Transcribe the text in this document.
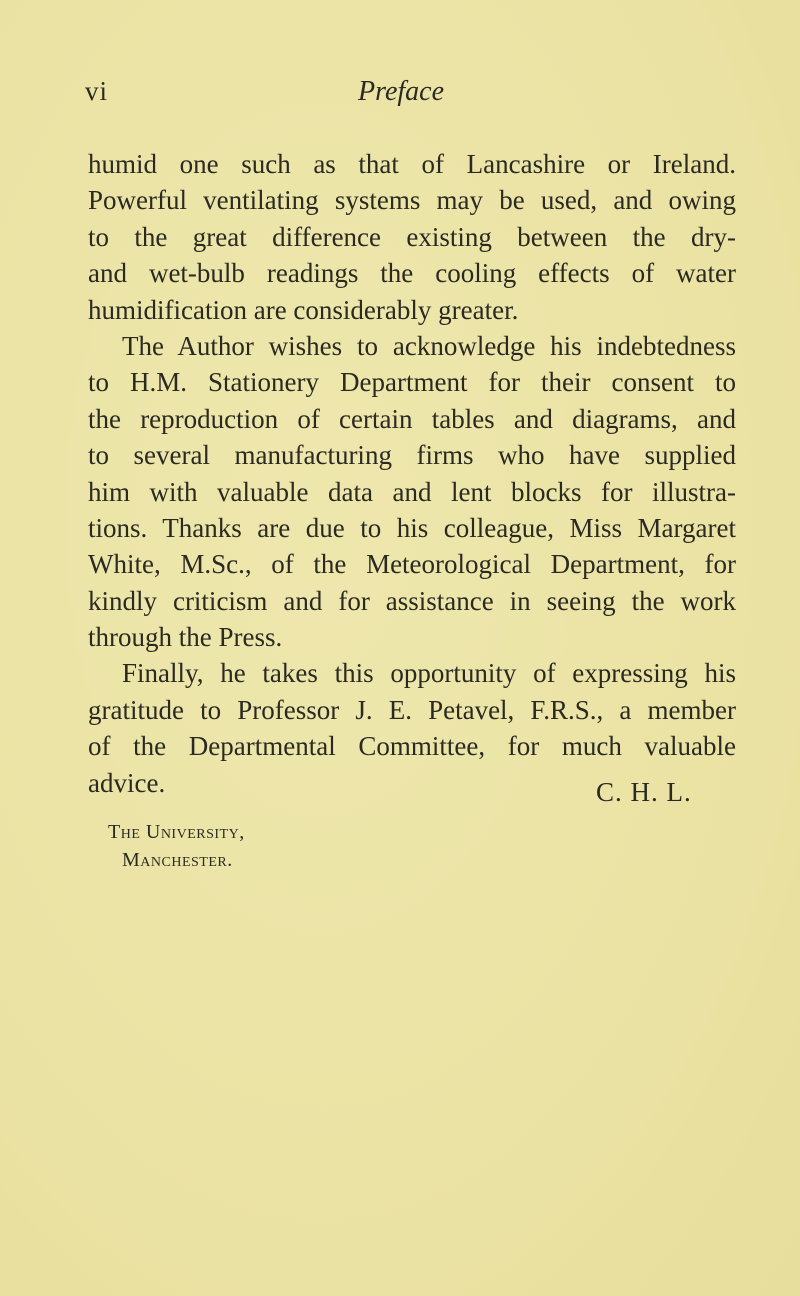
vi	Preface
humid one such as that of Lancashire or Ireland.
Powerful ventilating systems may be used, and owing
to the great difference existing between the dry-
and wet-bulb readings the cooling effects of water
humidification are considerably greater.
The Author wishes to acknowledge his indebtedness
to H.M. Stationery Department for their consent to
the reproduction of certain tables and diagrams, and
to several manufacturing firms who have supplied
him with valuable data and lent blocks for illustra-
tions. Thanks are due to his colleague, Miss Margaret
White, M.Sc., of the Meteorological Department, for
kindly criticism and for assistance in seeing the work
through the Press.
Finally, he takes this opportunity of expressing his
gratitude to Professor J. E. Petavel, F.R.S., a member
of the Departmental Committee, for much valuable
advice.	C. H. L.
The University,
Manchester.
